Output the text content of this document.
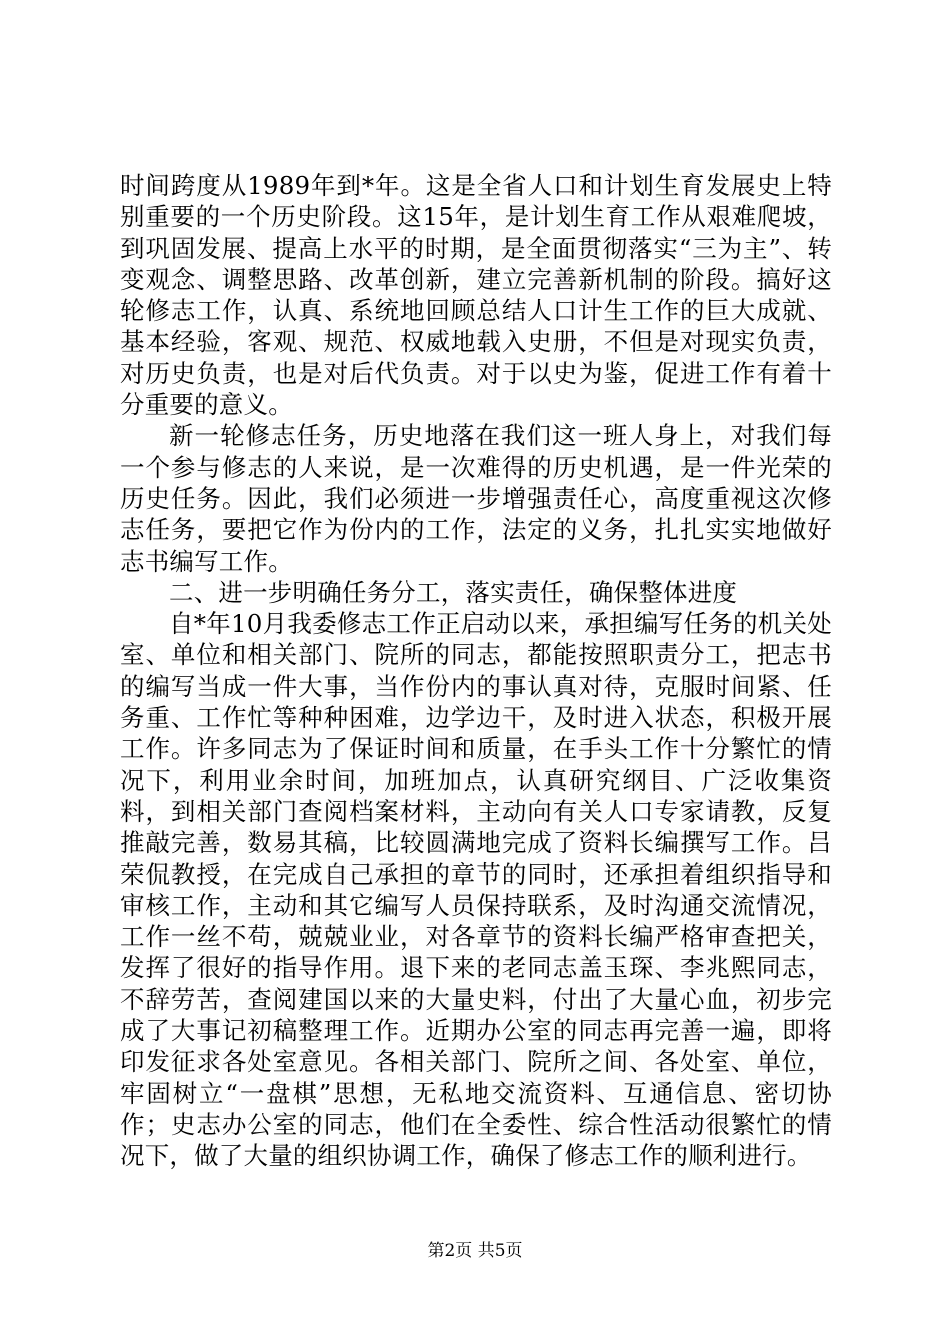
时间跨度从1989年到*年。这是全省人口和计划生育发展史上特别重要的一个历史阶段。这15年，是计划生育工作从艰难爬坡，到巩固发展、提高上水平的时期，是全面贯彻落实“三为主”、转变观念、调整思路、改革创新，建立完善新机制的阶段。搞好这轮修志工作，认真、系统地回顾总结人口计生工作的巨大成就、基本经验，客观、规范、权威地载入史册，不但是对现实负责，对历史负责，也是对后代负责。对于以史为鉴，促进工作有着十分重要的意义。

新一轮修志任务，历史地落在我们这一班人身上，对我们每一个参与修志的人来说，是一次难得的历史机遇，是一件光荣的历史任务。因此，我们必须进一步增强责任心，高度重视这次修志任务，要把它作为份内的工作，法定的义务，扎扎实实地做好志书编写工作。

二、进一步明确任务分工，落实责任，确保整体进度

自*年10月我委修志工作正启动以来，承担编写任务的机关处室、单位和相关部门、院所的同志，都能按照职责分工，把志书的编写当成一件大事，当作份内的事认真对待，克服时间紧、任务重、工作忙等种种困难，边学边干，及时进入状态，积极开展工作。许多同志为了保证时间和质量，在手头工作十分繁忙的情况下，利用业余时间，加班加点，认真研究纲目、广泛收集资料，到相关部门查阅档案材料，主动向有关人口专家请教，反复推敲完善，数易其稿，比较圆满地完成了资料长编撰写工作。吕荣侃教授，在完成自己承担的章节的同时，还承担着组织指导和审核工作，主动和其它编写人员保持联系，及时沟通交流情况，工作一丝不苟，兢兢业业，对各章节的资料长编严格审查把关，发挥了很好的指导作用。退下来的老同志盖玉琛、李兆熙同志，不辞劳苦，查阅建国以来的大量史料，付出了大量心血，初步完成了大事记初稿整理工作。近期办公室的同志再完善一遍，即将印发征求各处室意见。各相关部门、院所之间、各处室、单位，牢固树立“一盘棋”思想，无私地交流资料、互通信息、密切协作；史志办公室的同志，他们在全委性、综合性活动很繁忙的情况下，做了大量的组织协调工作，确保了修志工作的顺利进行。

第2页 共5页
